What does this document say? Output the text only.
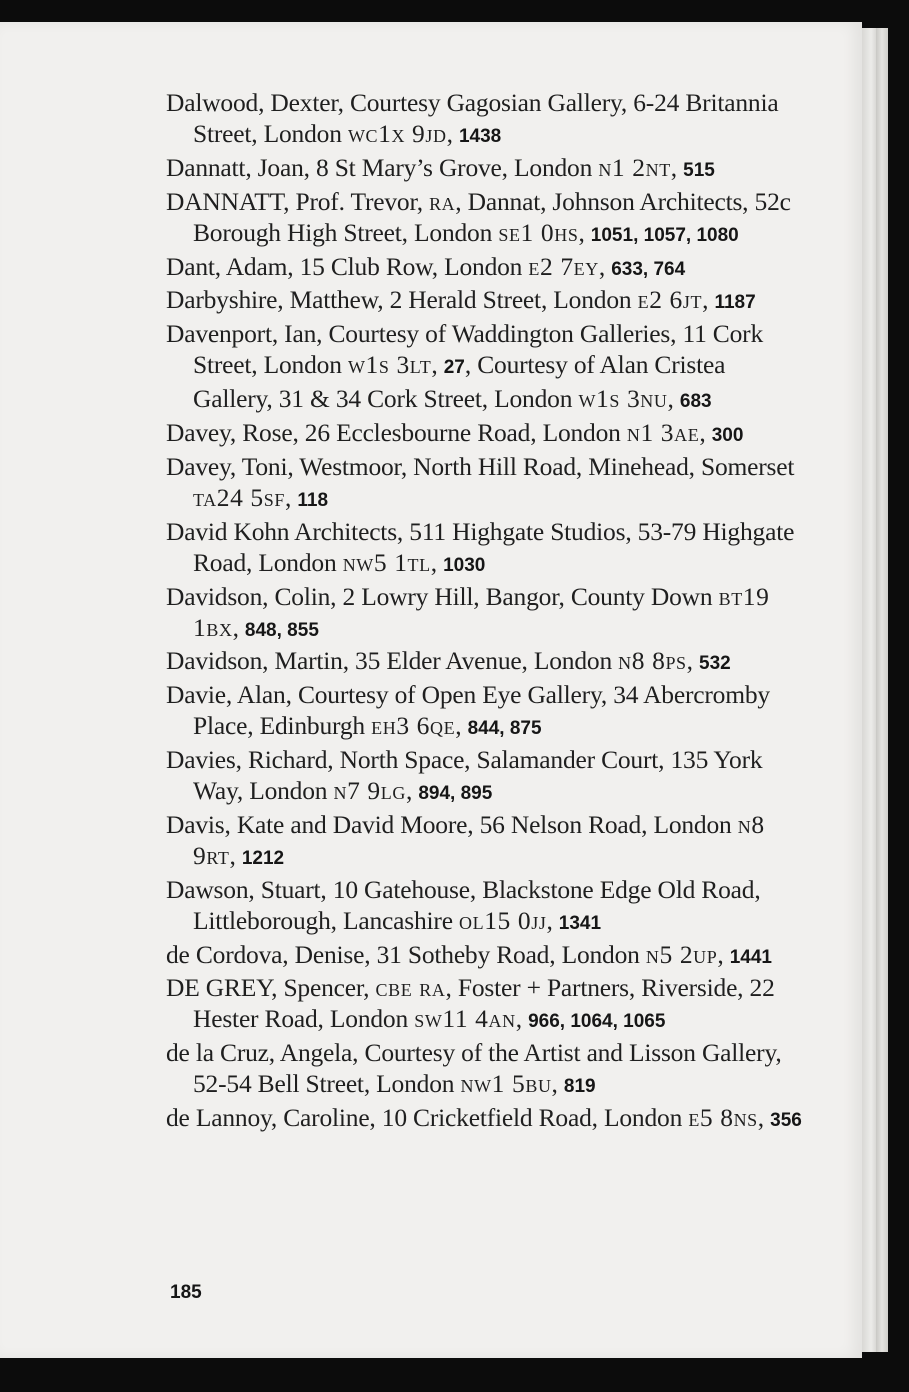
Dalwood, Dexter, Courtesy Gagosian Gallery, 6-24 Britannia Street, London wc1x 9jd, 1438

Dannatt, Joan, 8 St Mary’s Grove, London n1 2nt, 515

DANNATT, Prof. Trevor, ra, Dannat, Johnson Architects, 52c Borough High Street, London se1 0hs, 1051, 1057, 1080

Dant, Adam, 15 Club Row, London e2 7ey, 633, 764

Darbyshire, Matthew, 2 Herald Street, London e2 6jt, 1187

Davenport, Ian, Courtesy of Waddington Galleries, 11 Cork Street, London w1s 3lt, 27, Courtesy of Alan Cristea Gallery, 31 & 34 Cork Street, London w1s 3nu, 683

Davey, Rose, 26 Ecclesbourne Road, London n1 3ae, 300

Davey, Toni, Westmoor, North Hill Road, Minehead, Somerset ta24 5sf, 118

David Kohn Architects, 511 Highgate Studios, 53-79 Highgate Road, London nw5 1tl, 1030

Davidson, Colin, 2 Lowry Hill, Bangor, County Down bt19 1bx, 848, 855

Davidson, Martin, 35 Elder Avenue, London n8 8ps, 532

Davie, Alan, Courtesy of Open Eye Gallery, 34 Abercromby Place, Edinburgh eh3 6qe, 844, 875

Davies, Richard, North Space, Salamander Court, 135 York Way, London n7 9lg, 894, 895

Davis, Kate and David Moore, 56 Nelson Road, London n8 9rt, 1212

Dawson, Stuart, 10 Gatehouse, Blackstone Edge Old Road, Littleborough, Lancashire ol15 0jj, 1341

de Cordova, Denise, 31 Sotheby Road, London n5 2up, 1441

DE GREY, Spencer, cbe ra, Foster + Partners, Riverside, 22 Hester Road, London sw11 4an, 966, 1064, 1065

de la Cruz, Angela, Courtesy of the Artist and Lisson Gallery, 52-54 Bell Street, London nw1 5bu, 819

de Lannoy, Caroline, 10 Cricketfield Road, London e5 8ns, 356

185
